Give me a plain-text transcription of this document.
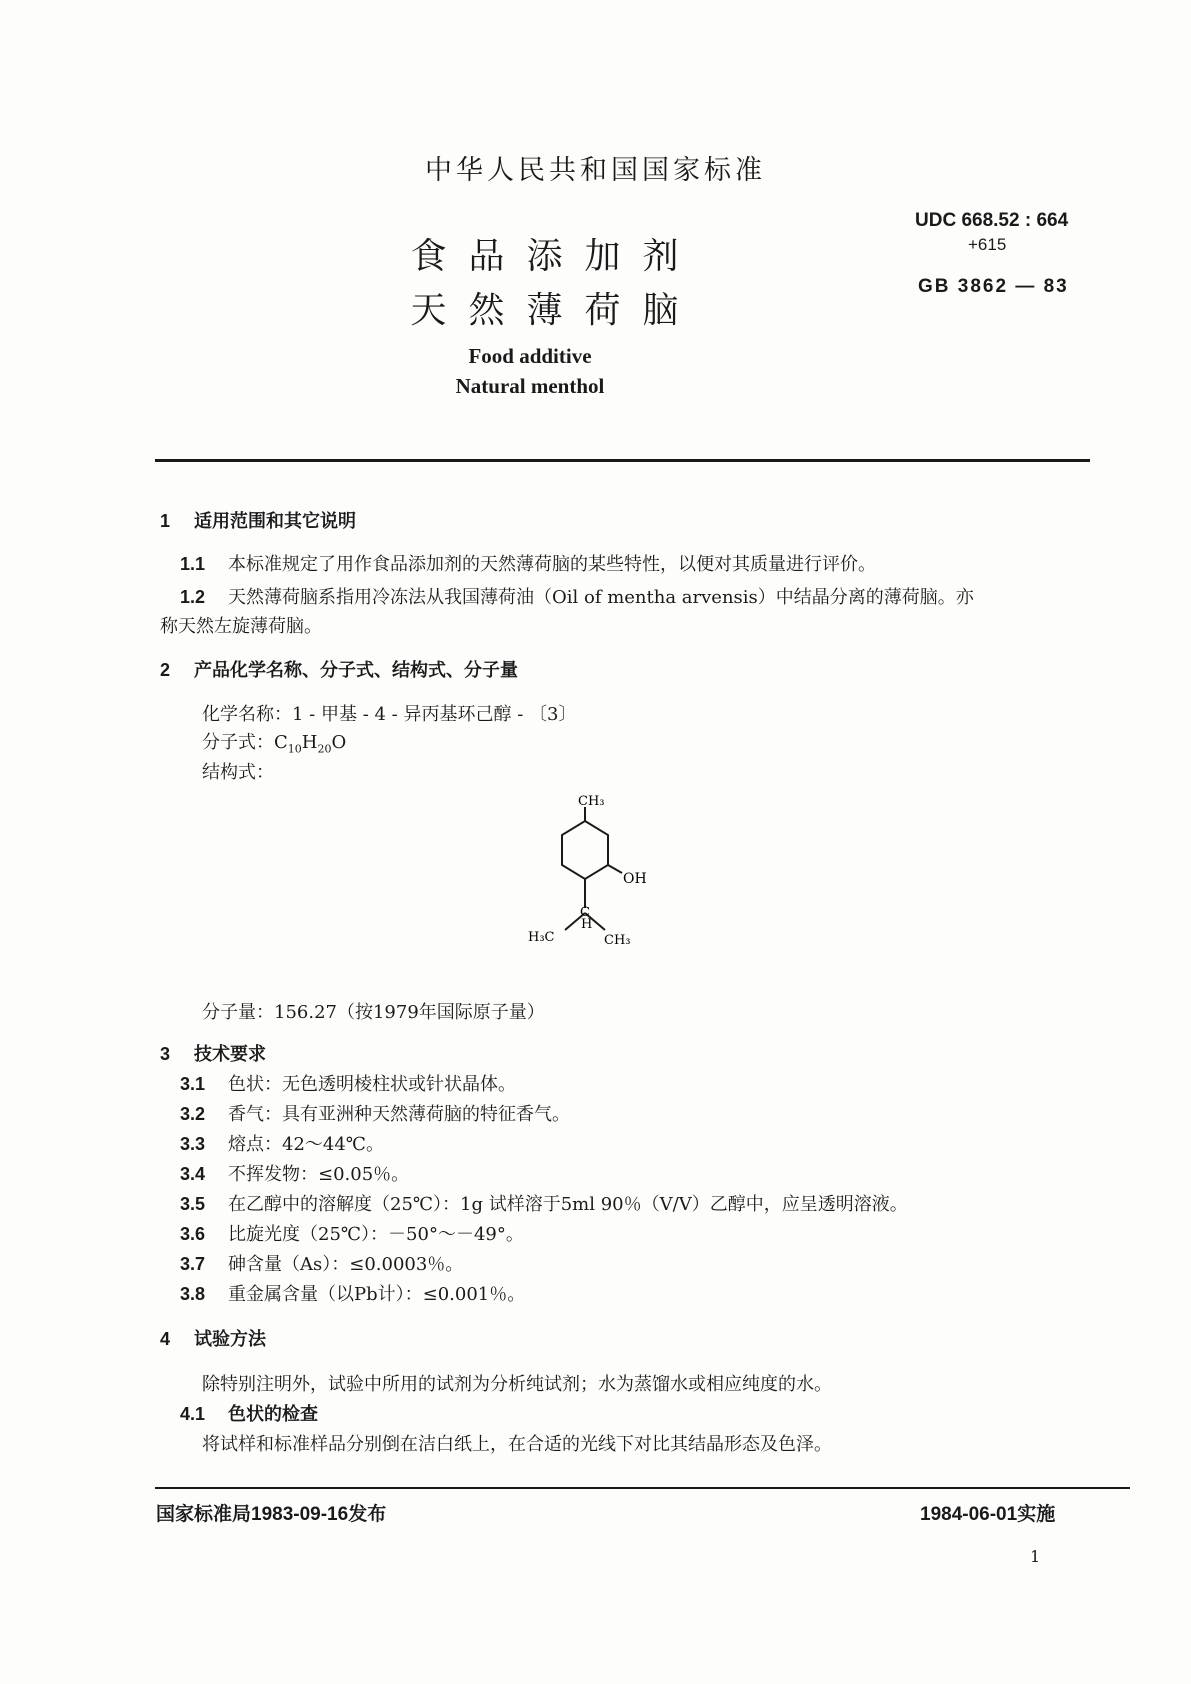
中华人民共和国国家标准
食品添加剂
天然薄荷脑
UDC 668.52 : 664
+615
GB 3862 — 83
Food additive
Natural menthol
1 适用范围和其它说明
1.1 本标准规定了用作食品添加剂的天然薄荷脑的某些特性，以便对其质量进行评价。
1.2 天然薄荷脑系指用冷冻法从我国薄荷油（Oil of mentha arvensis）中结晶分离的薄荷脑。亦
称天然左旋薄荷脑。
2 产品化学名称、分子式、结构式、分子量
化学名称：1 - 甲基 - 4 - 异丙基环己醇 - 〔3〕
分子式：$C_{10}H_{20}O$
结构式：
CH₃
OH
C
H
H₃C	CH₃
分子量：156.27（按1979年国际原子量）
3 技术要求
3.1 色状：无色透明棱柱状或针状晶体。
3.2 香气：具有亚洲种天然薄荷脑的特征香气。
3.3 熔点：42～44℃。
3.4 不挥发物：≤0.05％。
3.5 在乙醇中的溶解度（25℃）：1g 试样溶于5ml 90％（V/V）乙醇中，应呈透明溶液。
3.6 比旋光度（25℃）：－50°～－49°。
3.7 砷含量（As）：≤0.0003％。
3.8 重金属含量（以Pb计）：≤0.001％。
4 试验方法
除特别注明外，试验中所用的试剂为分析纯试剂；水为蒸馏水或相应纯度的水。
4.1 色状的检查
将试样和标准样品分别倒在洁白纸上，在合适的光线下对比其结晶形态及色泽。
国家标准局1983-09-16发布	1984-06-01实施
1
